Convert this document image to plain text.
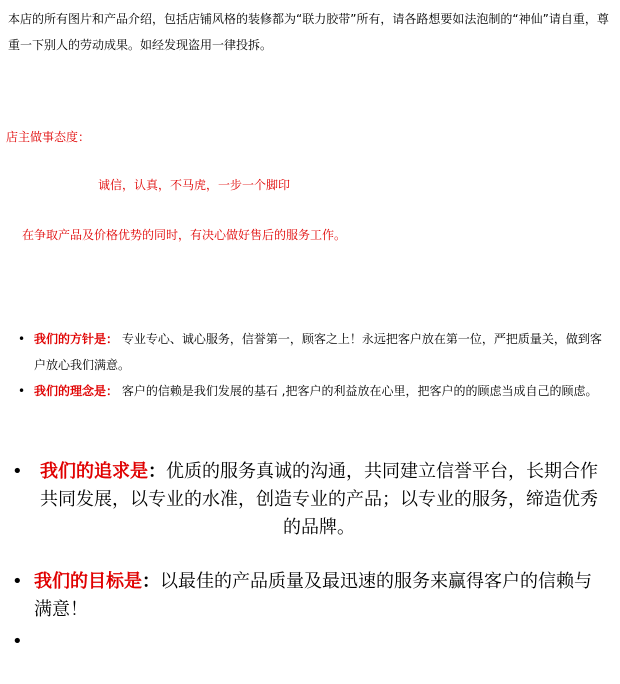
本店的所有图片和产品介绍，包括店铺风格的装修都为“联力胶带”所有，请各路想要如法泡制的“神仙”请自重，尊重一下别人的劳动成果。如经发现盗用一律投拆。
店主做事态度：
诚信，认真，不马虎，一步一个脚印
在争取产品及价格优势的同时，有决心做好售后的服务工作。
• 我们的方针是： 专业专心、诚心服务，信誉第一，顾客之上！永远把客户放在第一位，严把质量关，做到客户放心我们满意。
• 我们的理念是： 客户的信赖是我们发展的基石 ,把客户的利益放在心里，把客户的的顾虑当成自己的顾虑。
• 我们的追求是：优质的服务真诚的沟通，共同建立信誉平台，长期合作共同发展，以专业的水准，创造专业的产品；以专业的服务，缔造优秀的品牌。
• 我们的目标是：以最佳的产品质量及最迅速的服务来赢得客户的信赖与满意！
•
